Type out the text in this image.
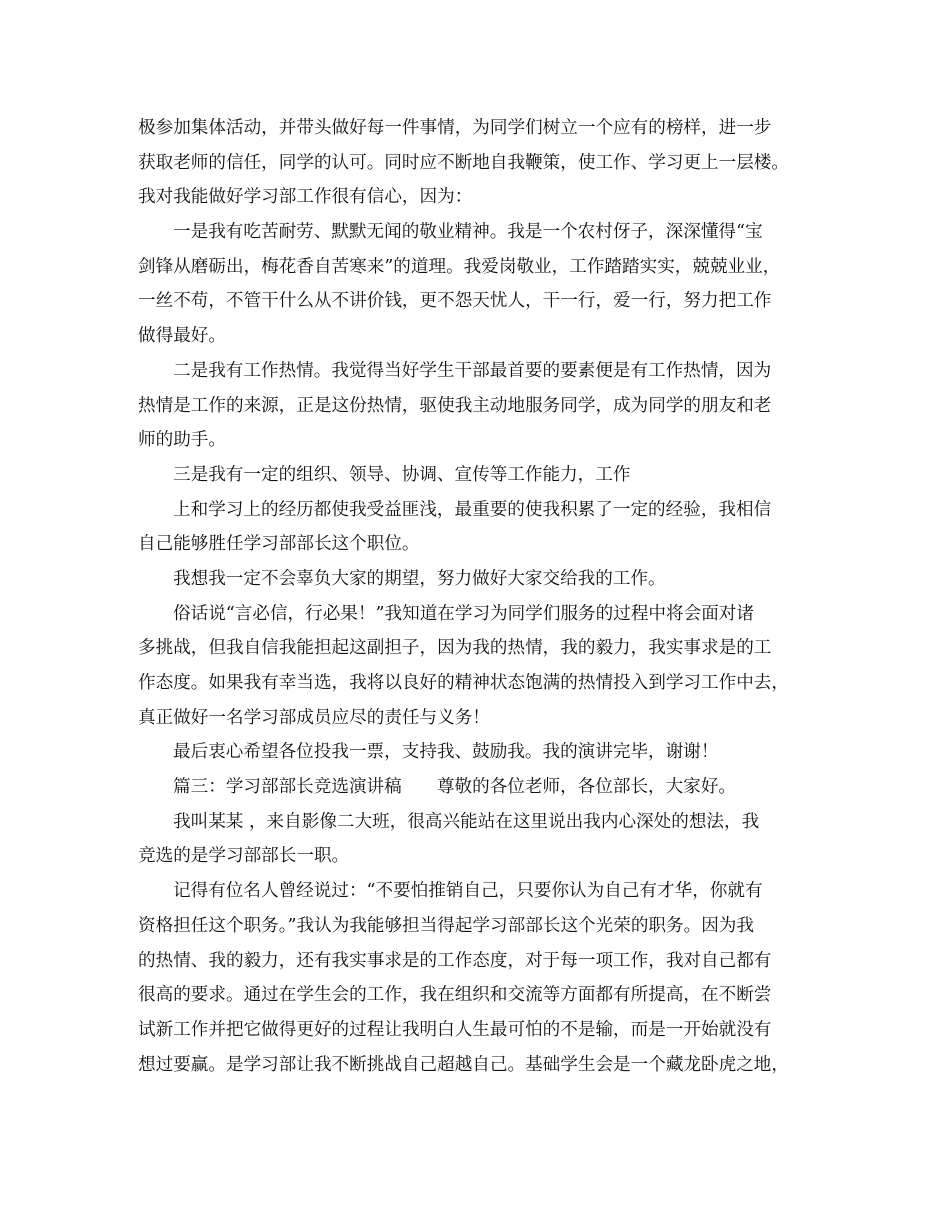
极参加集体活动，并带头做好每一件事情，为同学们树立一个应有的榜样，进一步
获取老师的信任，同学的认可。同时应不断地自我鞭策，使工作、学习更上一层楼。
我对我能做好学习部工作很有信心，因为：
一是我有吃苦耐劳、默默无闻的敬业精神。我是一个农村伢子，深深懂得“宝
剑锋从磨砺出，梅花香自苦寒来”的道理。我爱岗敬业，工作踏踏实实，兢兢业业，
一丝不苟，不管干什么从不讲价钱，更不怨天忧人，干一行，爱一行，努力把工作
做得最好。
二是我有工作热情。我觉得当好学生干部最首要的要素便是有工作热情，因为
热情是工作的来源，正是这份热情，驱使我主动地服务同学，成为同学的朋友和老
师的助手。
三是我有一定的组织、领导、协调、宣传等工作能力，工作
上和学习上的经历都使我受益匪浅，最重要的使我积累了一定的经验，我相信
自己能够胜任学习部部长这个职位。
我想我一定不会辜负大家的期望，努力做好大家交给我的工作。
俗话说“言必信，行必果！”我知道在学习为同学们服务的过程中将会面对诸
多挑战，但我自信我能担起这副担子，因为我的热情，我的毅力，我实事求是的工
作态度。如果我有幸当选，我将以良好的精神状态饱满的热情投入到学习工作中去，
真正做好一名学习部成员应尽的责任与义务！
最后衷心希望各位投我一票，支持我、鼓励我。我的演讲完毕，谢谢！
篇三：学习部部长竞选演讲稿　　尊敬的各位老师，各位部长，大家好。
我叫某某 ，来自影像二大班，很高兴能站在这里说出我内心深处的想法，我
竞选的是学习部部长一职。
记得有位名人曾经说过：“不要怕推销自己，只要你认为自己有才华，你就有
资格担任这个职务。”我认为我能够担当得起学习部部长这个光荣的职务。因为我
的热情、我的毅力，还有我实事求是的工作态度，对于每一项工作，我对自己都有
很高的要求。通过在学生会的工作，我在组织和交流等方面都有所提高，在不断尝
试新工作并把它做得更好的过程让我明白人生最可怕的不是输，而是一开始就没有
想过要赢。是学习部让我不断挑战自己超越自己。基础学生会是一个藏龙卧虎之地，
